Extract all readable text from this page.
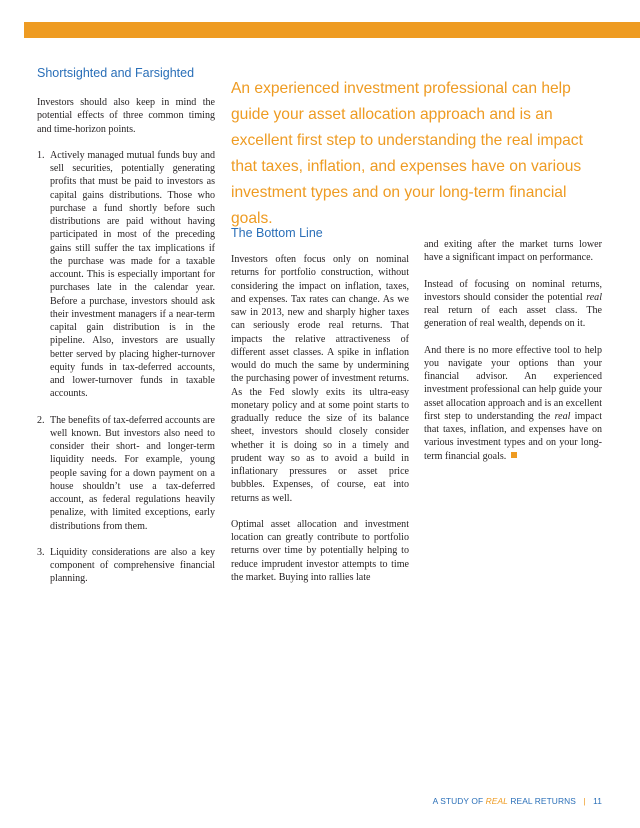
Shortsighted and Farsighted

Investors should also keep in mind the potential effects of three common timing and time-horizon points.

1. Actively managed mutual funds buy and sell securities, potentially generating profits that must be paid to investors as capital gains distributions. Those who purchase a fund shortly before such distributions are paid without having participated in most of the preceding gains still suffer the tax implications if the purchase was made for a taxable account. This is especially important for purchases late in the calendar year. Before a purchase, investors should ask their investment managers if a near-term capital gain distribution is in the pipeline. Also, investors are usually better served by placing higher-turnover equity funds in tax-deferred accounts, and lower-turnover funds in taxable accounts.
2. The benefits of tax-deferred accounts are well known. But investors also need to consider their short- and longer-term liquidity needs. For example, young people saving for a down payment on a house shouldn’t use a tax-deferred account, as federal regulations heavily penalize, with limited exceptions, early distributions from them.
3. Liquidity considerations are also a key component of comprehensive financial planning.
An experienced investment professional can help guide your asset allocation approach and is an excellent first step to understanding the real impact that taxes, inflation, and expenses have on various investment types and on your long-term financial goals.
The Bottom Line

Investors often focus only on nominal returns for portfolio construction, without considering the impact on inflation, taxes, and expenses. Tax rates can change. As we saw in 2013, new and sharply higher taxes can seriously erode real returns. That impacts the relative attractiveness of different asset classes. A spike in inflation would do much the same by undermining the purchasing power of investment returns. As the Fed slowly exits its ultra-easy monetary policy and at some point starts to gradually reduce the size of its balance sheet, investors should closely consider whether it is doing so in a timely and prudent way so as to avoid a build in inflationary pressures or asset price bubbles. Expenses, of course, eat into returns as well.

Optimal asset allocation and investment location can greatly contribute to portfolio returns over time by potentially helping to reduce imprudent investor attempts to time the market. Buying into rallies late

and exiting after the market turns lower have a significant impact on performance.

Instead of focusing on nominal returns, investors should consider the potential real real return of each asset class. The generation of real wealth, depends on it.

And there is no more effective tool to help you navigate your options than your financial advisor. An experienced investment professional can help guide your asset allocation approach and is an excellent first step to understanding the real impact that taxes, inflation, and expenses have on various investment types and on your long-term financial goals.

A STUDY OF REAL REAL RETURNS | 11
